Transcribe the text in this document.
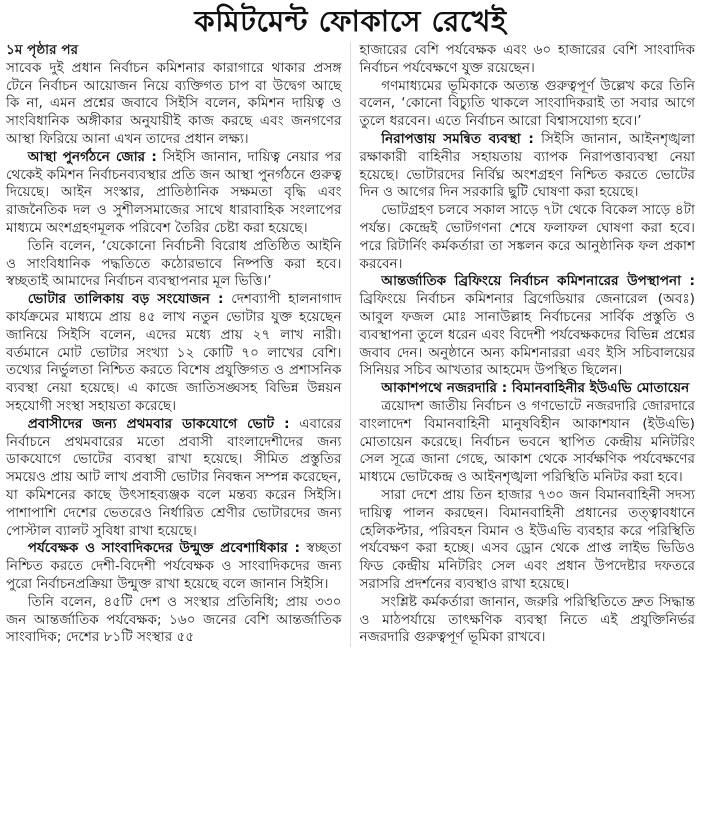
কমিটমেন্ট ফোকাসে রেখেই

১ম পৃষ্ঠার পর

সাবেক দুই প্রধান নির্বাচন কমিশনার কারাগারে থাকার প্রসঙ্গ টেনে নির্বাচন আয়োজন নিয়ে ব্যক্তিগত চাপ বা উদ্বেগ আছে কি না, এমন প্রশ্নের জবাবে সিইসি বলেন, কমিশন দায়িত্ব ও সাংবিধানিক অঙ্গীকার অনুযায়ীই কাজ করছে এবং জনগণের আস্থা ফিরিয়ে আনা এখন তাদের প্রধান লক্ষ্য।

আস্থা পুনর্গঠনে জোর : সিইসি জানান, দায়িত্ব নেয়ার পর থেকেই কমিশন নির্বাচনব্যবস্থার প্রতি জন আস্থা পুনর্গঠনে গুরুত্ব দিয়েছে। আইন সংস্কার, প্রাতিষ্ঠানিক সক্ষমতা বৃদ্ধি এবং রাজনৈতিক দল ও সুশীলসমাজের সাথে ধারাবাহিক সংলাপের মাধ্যমে অংশগ্রহণমূলক পরিবেশ তৈরির চেষ্টা করা হয়েছে।

তিনি বলেন, ‘যেকোনো নির্বাচনী বিরোধ প্রতিষ্ঠিত আইনি ও সাংবিধানিক পদ্ধতিতে কঠোরভাবে নিষ্পত্তি করা হবে। স্বচ্ছতাই আমাদের নির্বাচন ব্যবস্থাপনার মূল ভিত্তি।’

ভোটার তালিকায় বড় সংযোজন : দেশব্যাপী হালনাগাদ কার্যক্রমের মাধ্যমে প্রায় ৪৫ লাখ নতুন ভোটার যুক্ত হয়েছেন জানিয়ে সিইসি বলেন, এদের মধ্যে প্রায় ২৭ লাখ নারী। বর্তমানে মোট ভোটার সংখ্যা ১২ কোটি ৭০ লাখের বেশি। তথ্যের নির্ভুলতা নিশ্চিত করতে বিশেষ প্রযুক্তিগত ও প্রশাসনিক ব্যবস্থা নেয়া হয়েছে। এ কাজে জাতিসঙ্ঘসহ বিভিন্ন উন্নয়ন সহযোগী সংস্থা সহায়তা করেছে।

প্রবাসীদের জন্য প্রথমবার ডাকযোগে ভোট : এবারের নির্বাচনে প্রথমবারের মতো প্রবাসী বাংলাদেশীদের জন্য ডাকযোগে ভোটের ব্যবস্থা রাখা হয়েছে। সীমিত প্রস্তুতির সময়েও প্রায় আট লাখ প্রবাসী ভোটার নিবন্ধন সম্পন্ন করেছেন, যা কমিশনের কাছে উৎসাহব্যঞ্জক বলে মন্তব্য করেন সিইসি। পাশাপাশি দেশের ভেতরেও নির্ধারিত শ্রেণীর ভোটারদের জন্য পোস্টাল ব্যালট সুবিধা রাখা হয়েছে।

পর্যবেক্ষক ও সাংবাদিকদের উন্মুক্ত প্রবেশাধিকার : স্বচ্ছতা নিশ্চিত করতে দেশী-বিদেশী পর্যবেক্ষক ও সাংবাদিকদের জন্য পুরো নির্বাচনপ্রক্রিয়া উন্মুক্ত রাখা হয়েছে বলে জানান সিইসি।

তিনি বলেন, ৪৫টি দেশ ও সংস্থার প্রতিনিধি; প্রায় ৩৩০ জন আন্তর্জাতিক পর্যবেক্ষক; ১৬০ জনের বেশি আন্তর্জাতিক সাংবাদিক; দেশের ৮১টি সংস্থার ৫৫

হাজারের বেশি পর্যবেক্ষক এবং ৬০ হাজারের বেশি সাংবাদিক নির্বাচন পর্যবেক্ষণে যুক্ত রয়েছেন।

গণমাধ্যমের ভূমিকাকে অত্যন্ত গুরুত্বপূর্ণ উল্লেখ করে তিনি বলেন, ‘কোনো বিচ্যুতি থাকলে সাংবাদিকরাই তা সবার আগে তুলে ধরবেন। এতে নির্বাচন আরো বিশ্বাসযোগ্য হবে।’

নিরাপত্তায় সমন্বিত ব্যবস্থা : সিইসি জানান, আইনশৃঙ্খলা রক্ষাকারী বাহিনীর সহায়তায় ব্যাপক নিরাপত্তাব্যবস্থা নেয়া হয়েছে। ভোটারদের নির্বিঘ্ন অংশগ্রহণ নিশ্চিত করতে ভোটের দিন ও আগের দিন সরকারি ছুটি ঘোষণা করা হয়েছে।

ভোটগ্রহণ চলবে সকাল সাড়ে ৭টা থেকে বিকেল সাড়ে ৪টা পর্যন্ত। কেন্দ্রেই ভোটগণনা শেষে ফলাফল ঘোষণা করা হবে। পরে রিটার্নিং কর্মকর্তারা তা সঙ্কলন করে আনুষ্ঠানিক ফল প্রকাশ করবেন।

আন্তর্জাতিক ব্রিফিংয়ে নির্বাচন কমিশনারের উপস্থাপনা : ব্রিফিংয়ে নির্বাচন কমিশনার ব্রিগেডিয়ার জেনারেল (অবঃ) আবুল ফজল মোঃ সানাউল্লাহ নির্বাচনের সার্বিক প্রস্তুতি ও ব্যবস্থাপনা তুলে ধরেন এবং বিদেশী পর্যবেক্ষকদের বিভিন্ন প্রশ্নের জবাব দেন। অনুষ্ঠানে অন্য কমিশনাররা এবং ইসি সচিবালয়ের সিনিয়র সচিব আখতার আহমেদ উপস্থিত ছিলেন।

আকাশপথে নজরদারি : বিমানবাহিনীর ইউএভি মোতায়েন

ত্রয়োদশ জাতীয় নির্বাচন ও গণভোটে নজরদারি জোরদারে বাংলাদেশ বিমানবাহিনী মানুষবিহীন আকাশযান (ইউএভি) মোতায়েন করেছে। নির্বাচন ভবনে স্থাপিত কেন্দ্রীয় মনিটরিং সেল সূত্রে জানা গেছে, আকাশ থেকে সার্বক্ষণিক পর্যবেক্ষণের মাধ্যমে ভোটকেন্দ্র ও আইনশৃঙ্খলা পরিস্থিতি মনিটর করা হবে।

সারা দেশে প্রায় তিন হাজার ৭৩০ জন বিমানবাহিনী সদস্য দায়িত্ব পালন করছেন। বিমানবাহিনী প্রধানের তত্ত্বাবধানে হেলিকপ্টার, পরিবহন বিমান ও ইউএভি ব্যবহার করে পরিস্থিতি পর্যবেক্ষণ করা হচ্ছে। এসব ড্রোন থেকে প্রাপ্ত লাইভ ভিডিও ফিড কেন্দ্রীয় মনিটরিং সেল এবং প্রধান উপদেষ্টার দফতরে সরাসরি প্রদর্শনের ব্যবস্থাও রাখা হয়েছে।

সংশ্লিষ্ট কর্মকর্তারা জানান, জরুরি পরিস্থিতিতে দ্রুত সিদ্ধান্ত ও মাঠপর্যায়ে তাৎক্ষণিক ব্যবস্থা নিতে এই প্রযুক্তিনির্ভর নজরদারি গুরুত্বপূর্ণ ভূমিকা রাখবে।
